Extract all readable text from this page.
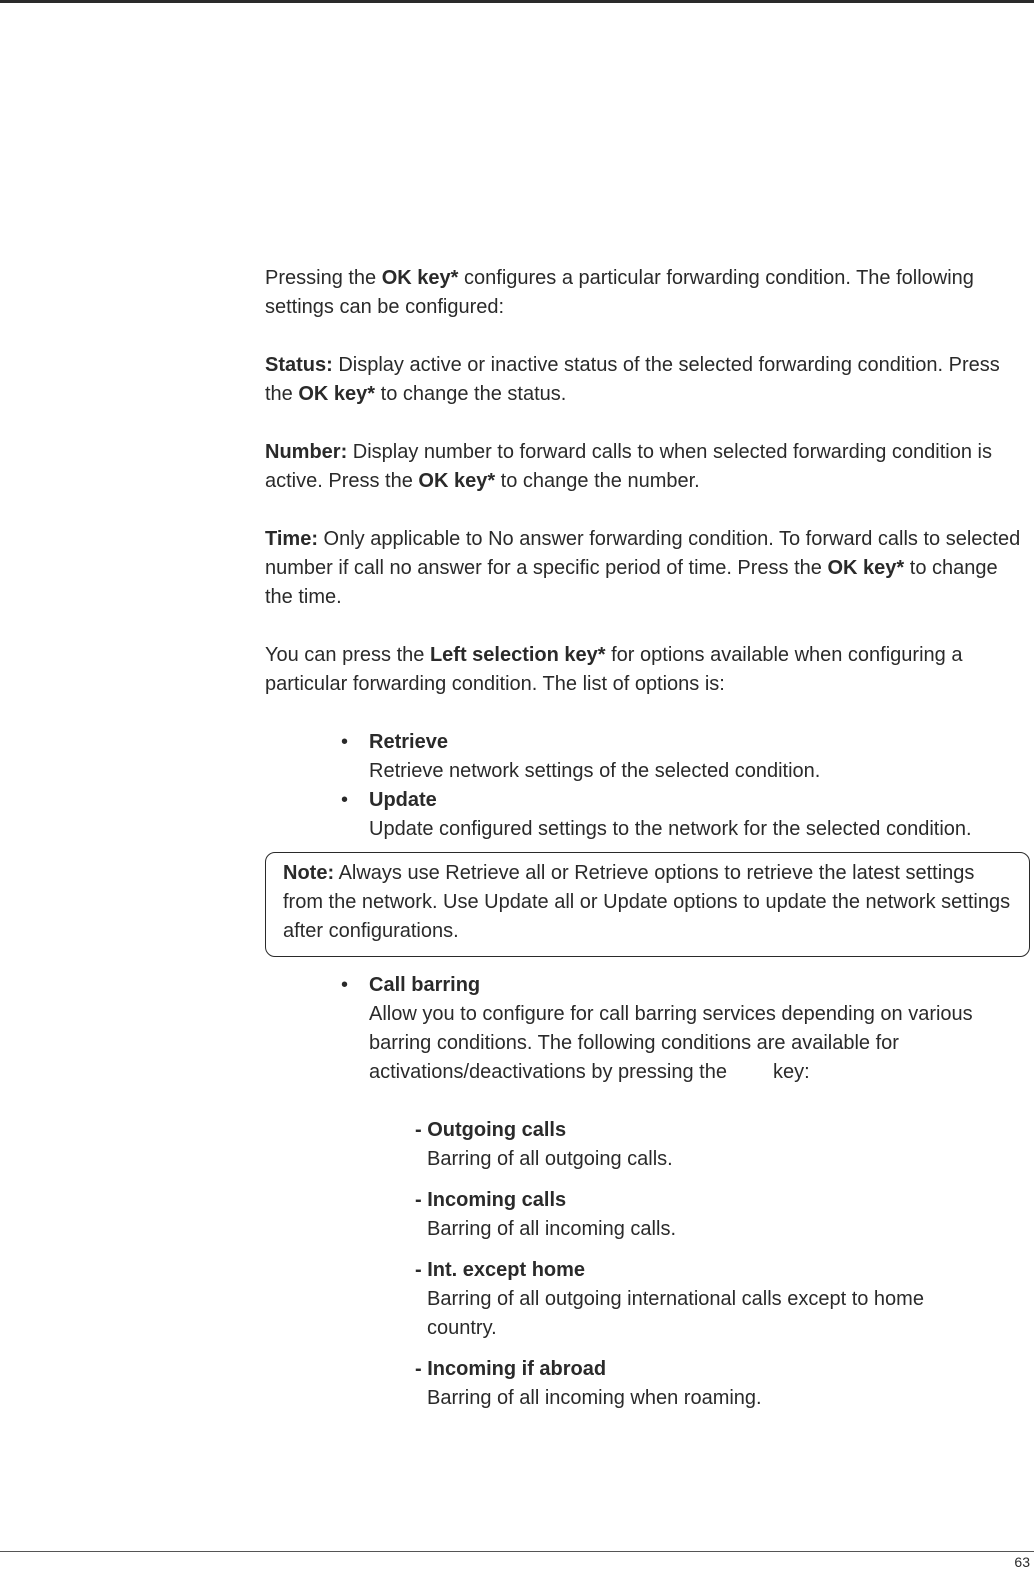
Pressing the OK key* configures a particular forwarding condition. The following settings can be configured:

Status: Display active or inactive status of the selected forwarding condition. Press the OK key* to change the status.

Number: Display number to forward calls to when selected forwarding condition is active. Press the OK key* to change the number.

Time: Only applicable to No answer forwarding condition. To forward calls to selected number if call no answer for a specific period of time. Press the OK key* to change the time.

You can press the Left selection key* for options available when configuring a particular forwarding condition. The list of options is:

• Retrieve
Retrieve network settings of the selected condition.
• Update
Update configured settings to the network for the selected condition.
Note: Always use Retrieve all or Retrieve options to retrieve the latest settings from the network. Use Update all or Update options to update the network settings after configurations.
• Call barring
Allow you to configure for call barring services depending on various barring conditions. The following conditions are available for activations/deactivations by pressing the key:
- Outgoing calls
Barring of all outgoing calls.
- Incoming calls
Barring of all incoming calls.
- Int. except home
Barring of all outgoing international calls except to home country.
- Incoming if abroad
Barring of all incoming when roaming.
63
